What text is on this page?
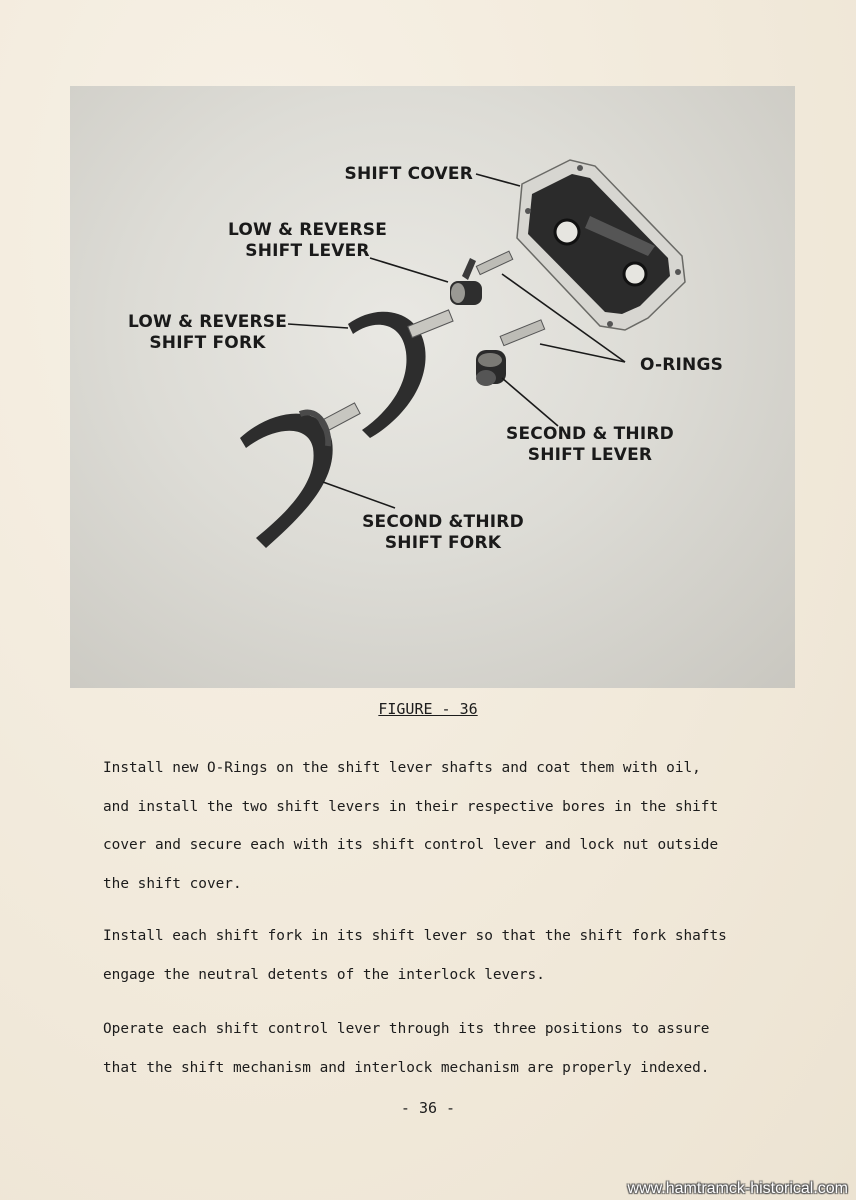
SHIFT COVER
LOW & REVERSE
SHIFT LEVER
LOW & REVERSE
SHIFT FORK
O-RINGS
SECOND & THIRD
SHIFT LEVER
SECOND &THIRD
SHIFT FORK
FIGURE - 36
Install new O-Rings on the shift lever shafts and coat them with oil,
and install the two shift levers in their respective bores in the shift
cover and secure each with its shift control lever and lock nut outside
the shift cover.
Install each shift fork in its shift lever so that the shift fork shafts
engage the neutral detents of the interlock levers.
Operate each shift control lever through its three positions to assure
that the shift mechanism and interlock mechanism are properly indexed.
- 36 -
www.hamtramck-historical.com
